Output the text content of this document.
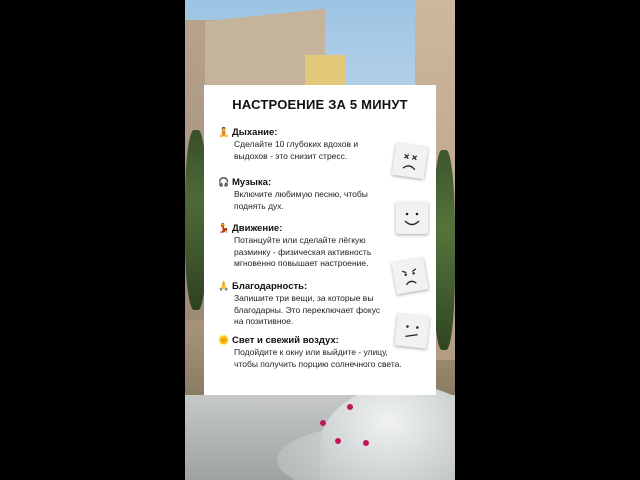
НАСТРОЕНИЕ ЗА 5 МИНУТ
🧘 Дыхание:
Сделайте 10 глубоких вдохов и
выдохов - это снизит стресс.
🎧 Музыка:
Включите любимую песню, чтобы
поднять дух.
💃 Движение:
Потанцуйте или сделайте лёгкую
разминку - физическая активность
мгновенно повышает настроение.
🙏 Благодарность:
Запишите три вещи, за которые вы
благодарны. Это переключает фокус
на позитивное.
🌞 Свет и свежий воздух:
Подойдите к окну или выйдите - улицу,
чтобы получить порцию солнечного света.
